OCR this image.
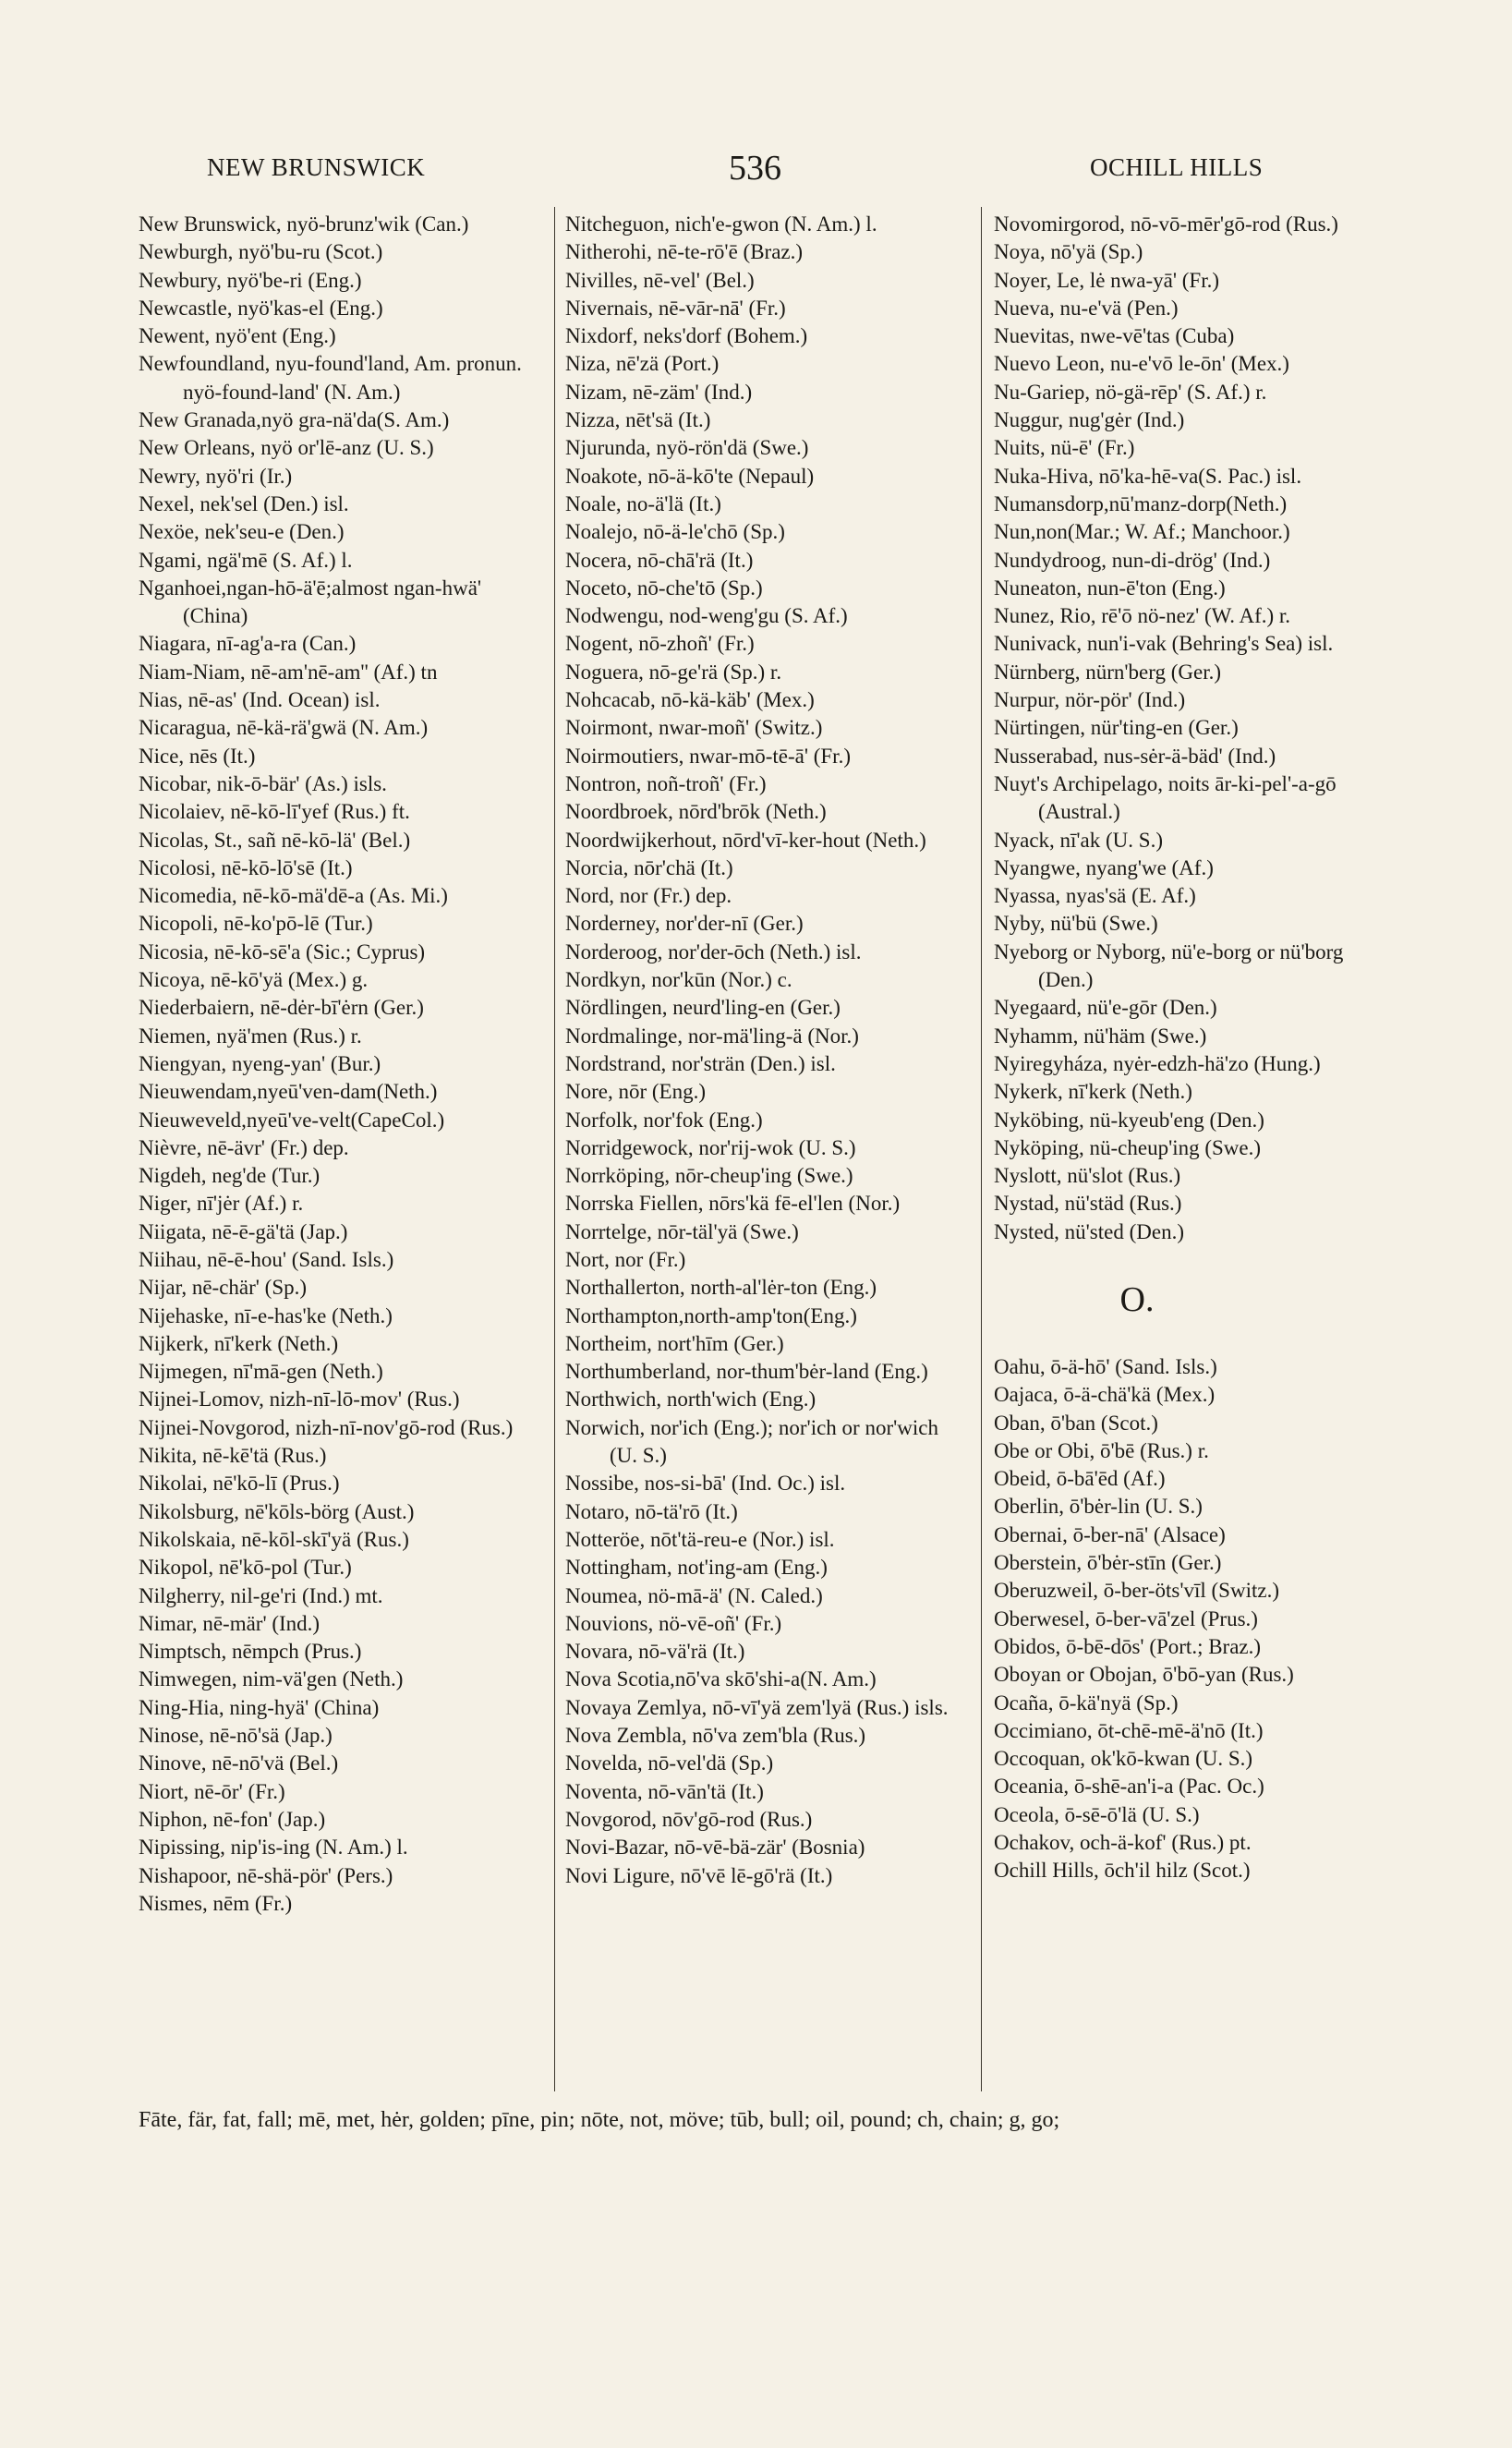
NEW BRUNSWICK	536	OCHILL HILLS
New Brunswick, nyö-brunz'wik (Can.)
Newburgh, nyö'bu-ru (Scot.)
Newbury, nyö'be-ri (Eng.)
Newcastle, nyö'kas-el (Eng.)
Newent, nyö'ent (Eng.)
Newfoundland, nyu-found'land, Am. pronun. nyö-found-land' (N. Am.)
New Granada,nyö gra-nä'da(S. Am.)
New Orleans, nyö or'lē-anz (U. S.)
Newry, nyö'ri (Ir.)
Nexel, nek'sel (Den.) isl.
Nexöe, nek'seu-e (Den.)
Ngami, ngä'mē (S. Af.) l.
Nganhoei,ngan-hō-ä'ē;almost ngan-hwä' (China)
Niagara, nī-ag'a-ra (Can.)
Niam-Niam, nē-am'nē-am'' (Af.) tn
Nias, nē-as' (Ind. Ocean) isl.
Nicaragua, nē-kä-rä'gwä (N. Am.)
Nice, nēs (It.)
Nicobar, nik-ō-bär' (As.) isls.
Nicolaiev, nē-kō-lī'yef (Rus.) ft.
Nicolas, St., sañ nē-kō-lä' (Bel.)
Nicolosi, nē-kō-lō'sē (It.)
Nicomedia, nē-kō-mä'dē-a (As. Mi.)
Nicopoli, nē-ko'pō-lē (Tur.)
Nicosia, nē-kō-sē'a (Sic.; Cyprus)
Nicoya, nē-kō'yä (Mex.) g.
Niederbaiern, nē-dėr-bī'ėrn (Ger.)
Niemen, nyä'men (Rus.) r.
Niengyan, nyeng-yan' (Bur.)
Nieuwendam,nyeū'ven-dam(Neth.)
Nieuweveld,nyeū've-velt(CapeCol.)
Nièvre, nē-ävr' (Fr.) dep.
Nigdeh, neg'de (Tur.)
Niger, nī'jėr (Af.) r.
Niigata, nē-ē-gä'tä (Jap.)
Niihau, nē-ē-hou' (Sand. Isls.)
Nijar, nē-chär' (Sp.)
Nijehaske, nī-e-has'ke (Neth.)
Nijkerk, nī'kerk (Neth.)
Nijmegen, nī'mā-gen (Neth.)
Nijnei-Lomov, nizh-nī-lō-mov' (Rus.)
Nijnei-Novgorod, nizh-nī-nov'gō-rod (Rus.)
Nikita, nē-kē'tä (Rus.)
Nikolai, nē'kō-lī (Prus.)
Nikolsburg, nē'kōls-börg (Aust.)
Nikolskaia, nē-kōl-skī'yä (Rus.)
Nikopol, nē'kō-pol (Tur.)
Nilgherry, nil-ge'ri (Ind.) mt.
Nimar, nē-mär' (Ind.)
Nimptsch, nēmpch (Prus.)
Nimwegen, nim-vä'gen (Neth.)
Ning-Hia, ning-hyä' (China)
Ninose, nē-nō'sä (Jap.)
Ninove, nē-nō'vä (Bel.)
Niort, nē-ōr' (Fr.)
Niphon, nē-fon' (Jap.)
Nipissing, nip'is-ing (N. Am.) l.
Nishapoor, nē-shä-pör' (Pers.)
Nismes, nēm (Fr.)
Nitcheguon, nich'e-gwon (N. Am.) l.
Nitherohi, nē-te-rō'ē (Braz.)
Nivilles, nē-vel' (Bel.)
Nivernais, nē-vār-nā' (Fr.)
Nixdorf, neks'dorf (Bohem.)
Niza, nē'zä (Port.)
Nizam, nē-zäm' (Ind.)
Nizza, nēt'sä (It.)
Njurunda, nyö-rön'dä (Swe.)
Noakote, nō-ä-kō'te (Nepaul)
Noale, no-ä'lä (It.)
Noalejo, nō-ä-le'chō (Sp.)
Nocera, nō-chā'rä (It.)
Noceto, nō-che'tō (Sp.)
Nodwengu, nod-weng'gu (S. Af.)
Nogent, nō-zhoñ' (Fr.)
Noguera, nō-ge'rä (Sp.) r.
Nohcacab, nō-kä-käb' (Mex.)
Noirmont, nwar-moñ' (Switz.)
Noirmoutiers, nwar-mō-tē-ā' (Fr.)
Nontron, noñ-troñ' (Fr.)
Noordbroek, nōrd'brōk (Neth.)
Noordwijkerhout, nōrd'vī-ker-hout (Neth.)
Norcia, nōr'chä (It.)
Nord, nor (Fr.) dep.
Norderney, nor'der-nī (Ger.)
Norderoog, nor'der-ōch (Neth.) isl.
Nordkyn, nor'kūn (Nor.) c.
Nördlingen, neurd'ling-en (Ger.)
Nordmalinge, nor-mä'ling-ä (Nor.)
Nordstrand, nor'strän (Den.) isl.
Nore, nōr (Eng.)
Norfolk, nor'fok (Eng.)
Norridgewock, nor'rij-wok (U. S.)
Norrköping, nōr-cheup'ing (Swe.)
Norrska Fiellen, nōrs'kä fē-el'len (Nor.)
Norrtelge, nōr-täl'yä (Swe.)
Nort, nor (Fr.)
Northallerton, north-al'lėr-ton (Eng.)
Northampton,north-amp'ton(Eng.)
Northeim, nort'hīm (Ger.)
Northumberland, nor-thum'bėr-land (Eng.)
Northwich, north'wich (Eng.)
Norwich, nor'ich (Eng.); nor'ich or nor'wich (U. S.)
Nossibe, nos-si-bā' (Ind. Oc.) isl.
Notaro, nō-tä'rō (It.)
Notteröe, nōt'tä-reu-e (Nor.) isl.
Nottingham, not'ing-am (Eng.)
Noumea, nö-mā-ä' (N. Caled.)
Nouvions, nö-vē-oñ' (Fr.)
Novara, nō-vä'rä (It.)
Nova Scotia,nō'va skō'shi-a(N. Am.)
Novaya Zemlya, nō-vī'yä zem'lyä (Rus.) isls.
Nova Zembla, nō'va zem'bla (Rus.)
Novelda, nō-vel'dä (Sp.)
Noventa, nō-vān'tä (It.)
Novgorod, nōv'gō-rod (Rus.)
Novi-Bazar, nō-vē-bä-zär' (Bosnia)
Novi Ligure, nō'vē lē-gō'rä (It.)
Novomirgorod, nō-vō-mēr'gō-rod (Rus.)
Noya, nō'yä (Sp.)
Noyer, Le, lė nwa-yā' (Fr.)
Nueva, nu-e'vä (Pen.)
Nuevitas, nwe-vē'tas (Cuba)
Nuevo Leon, nu-e'vō le-ōn' (Mex.)
Nu-Gariep, nö-gä-rēp' (S. Af.) r.
Nuggur, nug'gėr (Ind.)
Nuits, nü-ē' (Fr.)
Nuka-Hiva, nō'ka-hē-va(S. Pac.) isl.
Numansdorp,nū'manz-dorp(Neth.)
Nun,non(Mar.; W. Af.; Manchoor.)
Nundydroog, nun-di-drög' (Ind.)
Nuneaton, nun-ē'ton (Eng.)
Nunez, Rio, rē'ō nö-nez' (W. Af.) r.
Nunivack, nun'i-vak (Behring's Sea) isl.
Nürnberg, nürn'berg (Ger.)
Nurpur, nör-pör' (Ind.)
Nürtingen, nür'ting-en (Ger.)
Nusserabad, nus-sėr-ä-bäd' (Ind.)
Nuyt's Archipelago, noits ār-ki-pel'-a-gō (Austral.)
Nyack, nī'ak (U. S.)
Nyangwe, nyang'we (Af.)
Nyassa, nyas'sä (E. Af.)
Nyby, nü'bü (Swe.)
Nyeborg or Nyborg, nü'e-borg or nü'borg (Den.)
Nyegaard, nü'e-gōr (Den.)
Nyhamm, nü'häm (Swe.)
Nyiregyháza, nyėr-edzh-hä'zo (Hung.)
Nykerk, nī'kerk (Neth.)
Nyköbing, nü-kyeub'eng (Den.)
Nyköping, nü-cheup'ing (Swe.)
Nyslott, nü'slot (Rus.)
Nystad, nü'städ (Rus.)
Nysted, nü'sted (Den.)
O.
Oahu, ō-ä-hō' (Sand. Isls.)
Oajaca, ō-ä-chä'kä (Mex.)
Oban, ō'ban (Scot.)
Obe or Obi, ō'bē (Rus.) r.
Obeid, ō-bā'ēd (Af.)
Oberlin, ō'bėr-lin (U. S.)
Obernai, ō-ber-nā' (Alsace)
Oberstein, ō'bėr-stīn (Ger.)
Oberuzweil, ō-ber-öts'vīl (Switz.)
Oberwesel, ō-ber-vā'zel (Prus.)
Obidos, ō-bē-dōs' (Port.; Braz.)
Oboyan or Obojan, ō'bō-yan (Rus.)
Ocaña, ō-kä'nyä (Sp.)
Occimiano, ōt-chē-mē-ä'nō (It.)
Occoquan, ok'kō-kwan (U. S.)
Oceania, ō-shē-an'i-a (Pac. Oc.)
Oceola, ō-sē-ō'lä (U. S.)
Ochakov, och-ä-kof' (Rus.) pt.
Ochill Hills, ōch'il hilz (Scot.)
Fāte, fär, fat, fall; mē, met, hėr, golden; pīne, pin; nōte, not, möve; tūb, bull; oil, pound; ch, chain; g, go;
